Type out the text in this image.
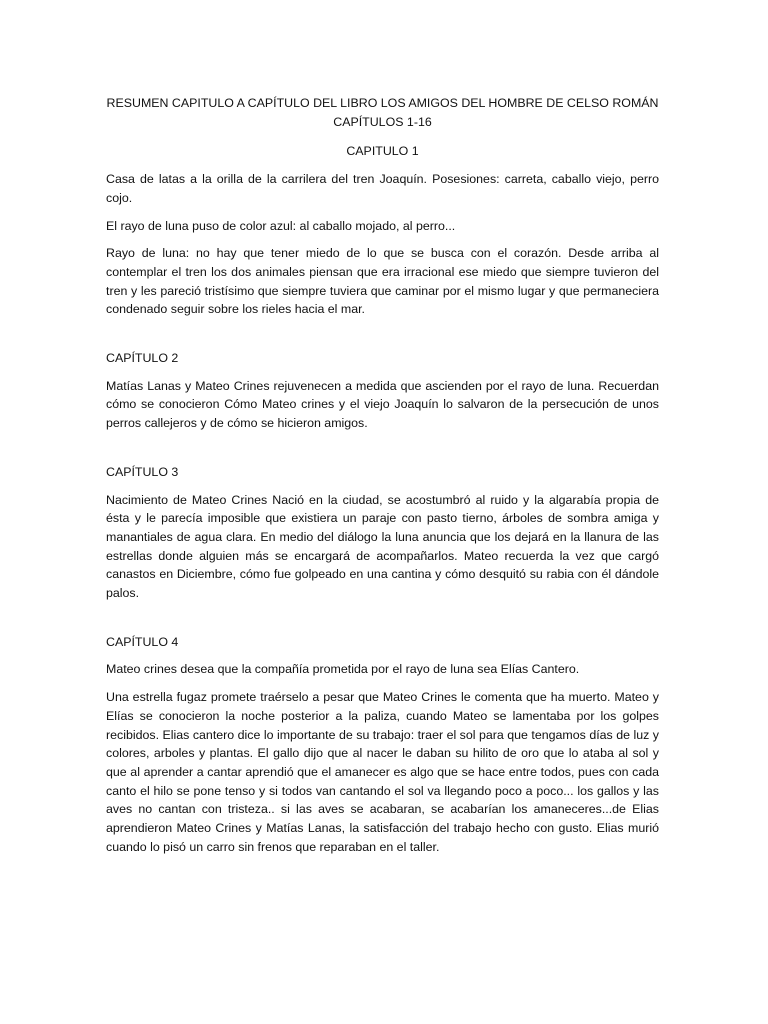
RESUMEN CAPITULO A CAPÍTULO DEL LIBRO LOS AMIGOS DEL HOMBRE DE CELSO ROMÁN

CAPÍTULOS 1-16

CAPITULO 1

Casa de latas a la orilla de la carrilera del tren Joaquín. Posesiones: carreta, caballo viejo, perro cojo.

El rayo de luna puso de color azul: al caballo mojado, al perro...

Rayo de luna: no hay que tener miedo de lo que se busca con el corazón. Desde arriba al contemplar el tren los dos animales piensan que era irracional ese miedo que siempre tuvieron del tren y les pareció tristísimo que siempre tuviera que caminar por el mismo lugar y que permaneciera condenado seguir sobre los rieles hacia el mar.

CAPÍTULO 2

Matías Lanas y Mateo Crines rejuvenecen a medida que ascienden por el rayo de luna. Recuerdan cómo se conocieron Cómo Mateo crines y el viejo Joaquín lo salvaron de la persecución de unos perros callejeros y de cómo se hicieron amigos.

CAPÍTULO 3

Nacimiento de Mateo Crines Nació en la ciudad, se acostumbró al ruido y la algarabía propia de ésta y le parecía imposible que existiera un paraje con pasto tierno, árboles de sombra amiga y manantiales de agua clara. En medio del diálogo la luna anuncia que los dejará en la llanura de las estrellas donde alguien más se encargará de acompañarlos. Mateo recuerda la vez que cargó canastos en Diciembre, cómo fue golpeado en una cantina y cómo desquitó su rabia con él dándole palos.

CAPÍTULO 4

Mateo crines desea que la compañía prometida por el rayo de luna sea Elías Cantero.

Una estrella fugaz promete traérselo a pesar que Mateo Crines le comenta que ha muerto. Mateo y Elías se conocieron la noche posterior a la paliza, cuando Mateo se lamentaba por los golpes recibidos. Elias cantero dice lo importante de su trabajo: traer el sol para que tengamos días de luz y colores, arboles y plantas. El gallo dijo que al nacer le daban su hilito de oro que lo ataba al sol y que al aprender a cantar aprendió que el amanecer es algo que se hace entre todos, pues con cada canto el hilo se pone tenso y si todos van cantando el sol va llegando poco a poco... los gallos y las aves no cantan con tristeza.. si las aves se acabaran, se acabarían los amaneceres...de Elias aprendieron Mateo Crines y Matías Lanas, la satisfacción del trabajo hecho con gusto. Elias murió cuando lo pisó un carro sin frenos que reparaban en el taller.
